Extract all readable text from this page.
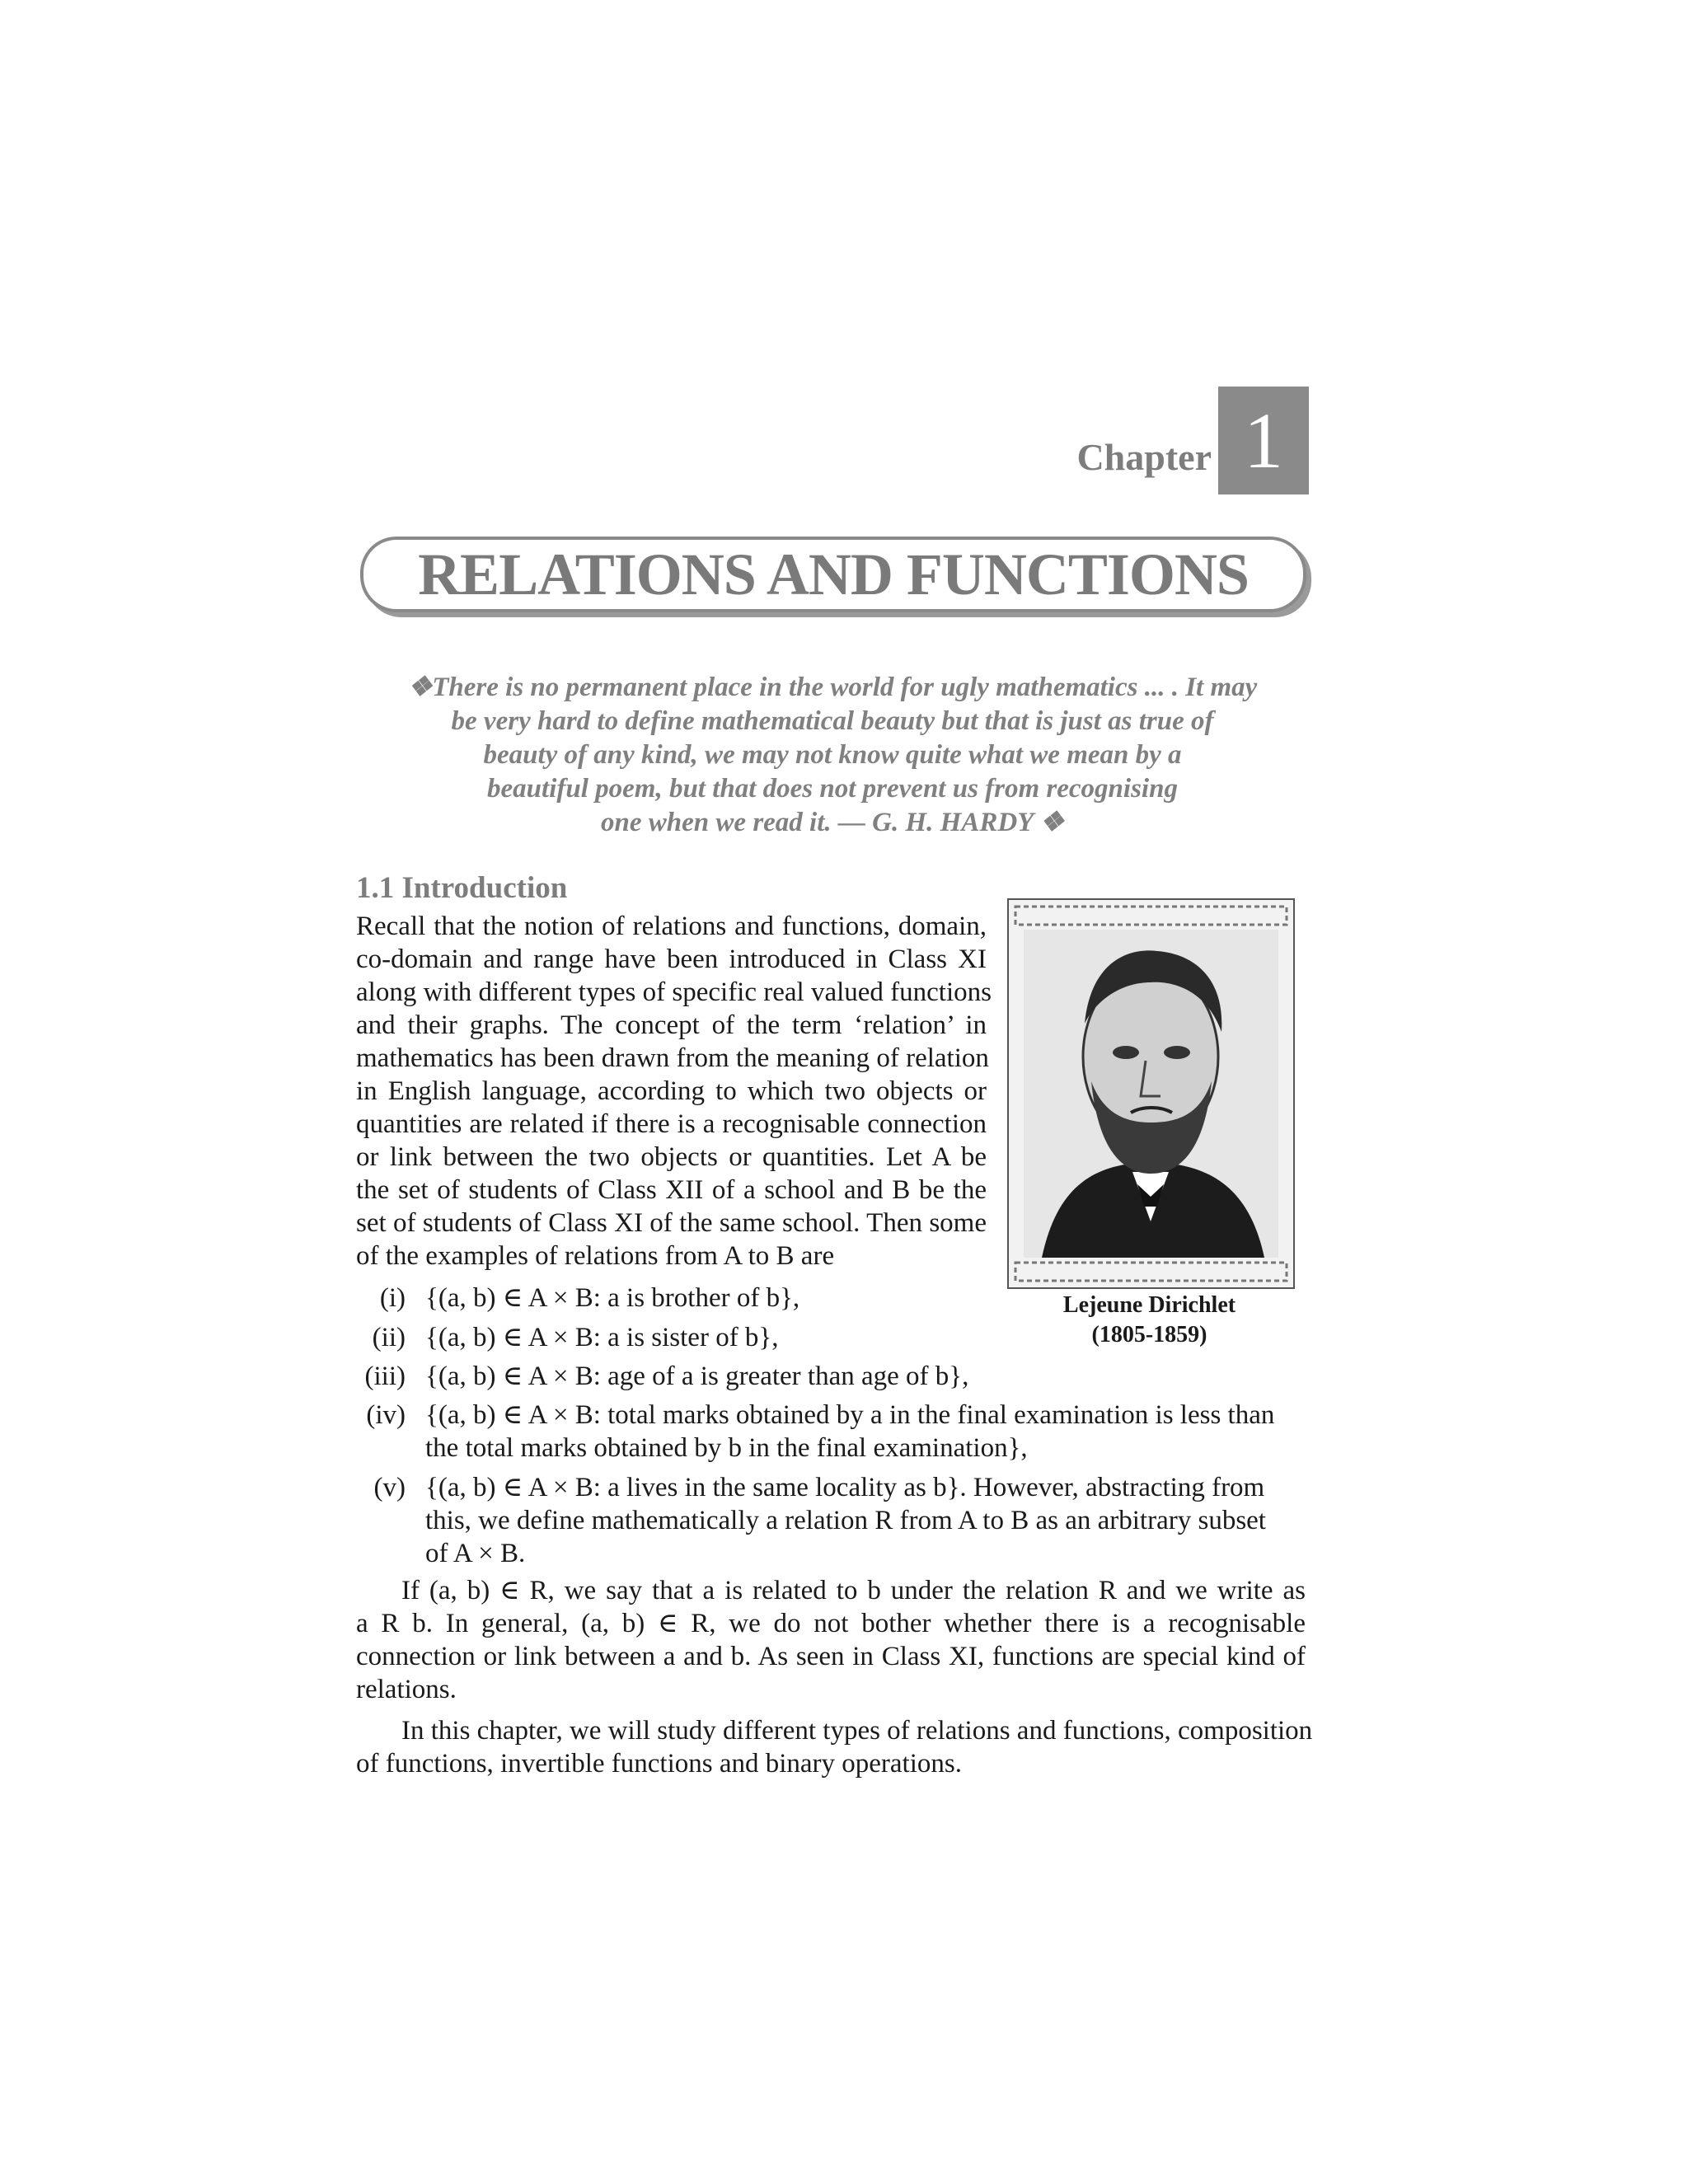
Chapter 1
RELATIONS AND FUNCTIONS
❖There is no permanent place in the world for ugly mathematics ... . It may
be very hard to define mathematical beauty but that is just as true of
beauty of any kind, we may not know quite what we mean by a
beautiful poem, but that does not prevent us from recognising
one when we read it. — G. H. HARDY ❖
1.1 Introduction
Recall that the notion of relations and functions, domain,
co-domain and range have been introduced in Class XI
along with different types of specific real valued functions
and their graphs. The concept of the term ‘relation’ in
mathematics has been drawn from the meaning of relation
in English language, according to which two objects or
quantities are related if there is a recognisable connection
or link between the two objects or quantities. Let A be
the set of students of Class XII of a school and B be the
set of students of Class XI of the same school. Then some
of the examples of relations from A to B are
Lejeune Dirichlet
(1805-1859)
(i) {(a, b) ∈ A × B: a is brother of b},
(ii) {(a, b) ∈ A × B: a is sister of b},
(iii) {(a, b) ∈ A × B: age of a is greater than age of b},
(iv) {(a, b) ∈ A × B: total marks obtained by a in the final examination is less than
the total marks obtained by b in the final examination},
(v) {(a, b) ∈ A × B: a lives in the same locality as b}. However, abstracting from
this, we define mathematically a relation R from A to B as an arbitrary subset
of A × B.
If (a, b) ∈ R, we say that a is related to b under the relation R and we write as
a R b. In general, (a, b) ∈ R, we do not bother whether there is a recognisable
connection or link between a and b. As seen in Class XI, functions are special kind of
relations.
In this chapter, we will study different types of relations and functions, composition
of functions, invertible functions and binary operations.
